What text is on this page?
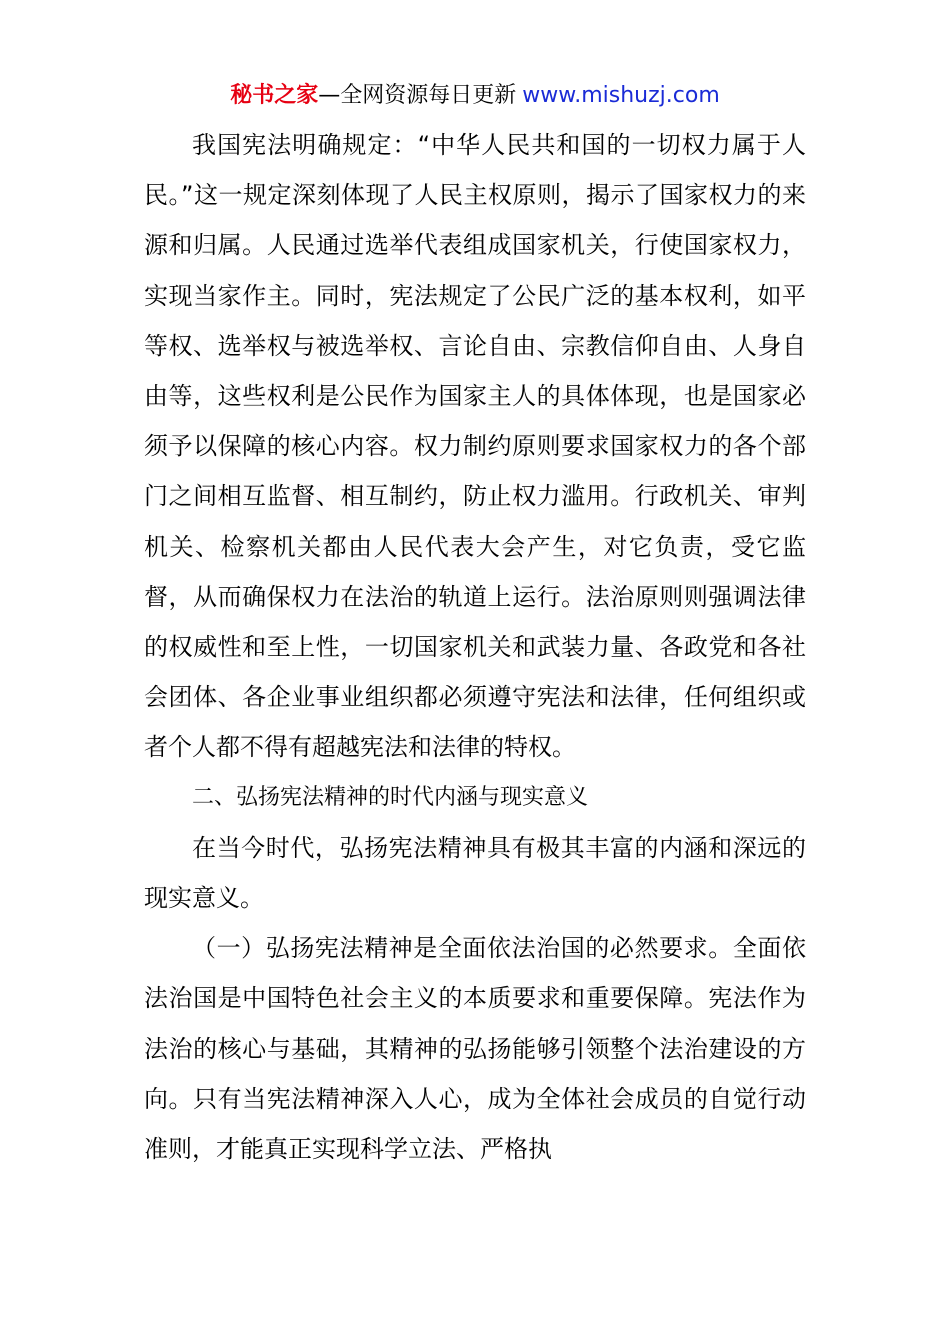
秘书之家—全网资源每日更新 www.mishuzj.com

我国宪法明确规定：“中华人民共和国的一切权力属于人民。”这一规定深刻体现了人民主权原则，揭示了国家权力的来源和归属。人民通过选举代表组成国家机关，行使国家权力，实现当家作主。同时，宪法规定了公民广泛的基本权利，如平等权、选举权与被选举权、言论自由、宗教信仰自由、人身自由等，这些权利是公民作为国家主人的具体体现，也是国家必须予以保障的核心内容。权力制约原则要求国家权力的各个部门之间相互监督、相互制约，防止权力滥用。行政机关、审判机关、检察机关都由人民代表大会产生，对它负责，受它监督，从而确保权力在法治的轨道上运行。法治原则则强调法律的权威性和至上性，一切国家机关和武装力量、各政党和各社会团体、各企业事业组织都必须遵守宪法和法律，任何组织或者个人都不得有超越宪法和法律的特权。

二、弘扬宪法精神的时代内涵与现实意义

在当今时代，弘扬宪法精神具有极其丰富的内涵和深远的现实意义。

（一）弘扬宪法精神是全面依法治国的必然要求。全面依法治国是中国特色社会主义的本质要求和重要保障。宪法作为法治的核心与基础，其精神的弘扬能够引领整个法治建设的方向。只有当宪法精神深入人心，成为全体社会成员的自觉行动准则，才能真正实现科学立法、严格执
